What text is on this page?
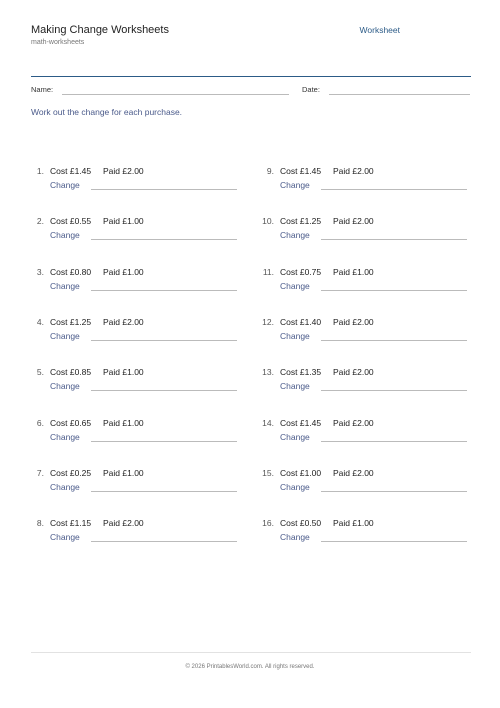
Making Change Worksheets
math-worksheets
Worksheet
Name:	Date:
Work out the change for each purchase.
1. Cost £1.45 Paid £2.00
Change
2. Cost £0.55 Paid £1.00
Change
3. Cost £0.80 Paid £1.00
Change
4. Cost £1.25 Paid £2.00
Change
5. Cost £0.85 Paid £1.00
Change
6. Cost £0.65 Paid £1.00
Change
7. Cost £0.25 Paid £1.00
Change
8. Cost £1.15 Paid £2.00
Change
9. Cost £1.45 Paid £2.00
Change
10. Cost £1.25 Paid £2.00
Change
11. Cost £0.75 Paid £1.00
Change
12. Cost £1.40 Paid £2.00
Change
13. Cost £1.35 Paid £2.00
Change
14. Cost £1.45 Paid £2.00
Change
15. Cost £1.00 Paid £2.00
Change
16. Cost £0.50 Paid £1.00
Change
© 2026 PrintablesWorld.com. All rights reserved.
